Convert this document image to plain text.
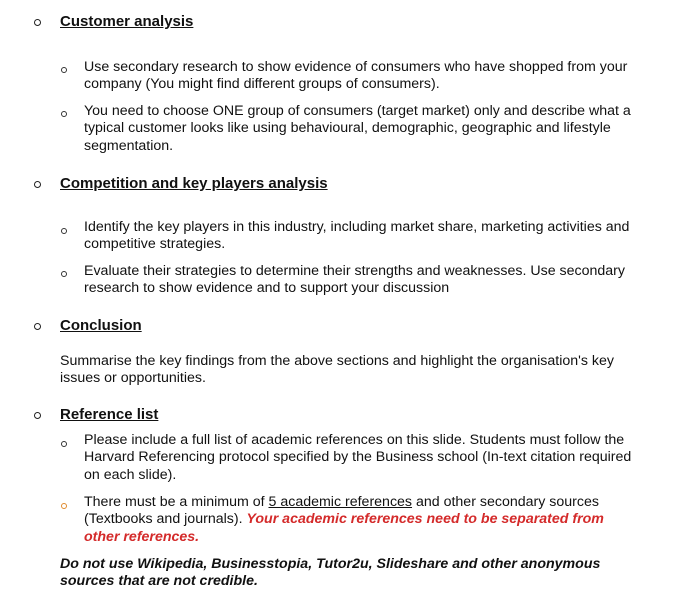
Customer analysis
Use secondary research to show evidence of consumers who have shopped from your
company (You might find different groups of consumers).
You need to choose ONE group of consumers (target market) only and describe what a
typical customer looks like using behavioural, demographic, geographic and lifestyle
segmentation.
Competition and key players analysis
Identify the key players in this industry, including market share, marketing activities and
competitive strategies.
Evaluate their strategies to determine their strengths and weaknesses. Use secondary
research to show evidence and to support your discussion
Conclusion
Summarise the key findings from the above sections and highlight the organisation's key
issues or opportunities.
Reference list
Please include a full list of academic references on this slide. Students must follow the
Harvard Referencing protocol specified by the Business school (In-text citation required
on each slide).
There must be a minimum of 5 academic references and other secondary sources
(Textbooks and journals). Your academic references need to be separated from
other references.
Do not use Wikipedia, Businesstopia, Tutor2u, Slideshare and other anonymous
sources that are not credible.
